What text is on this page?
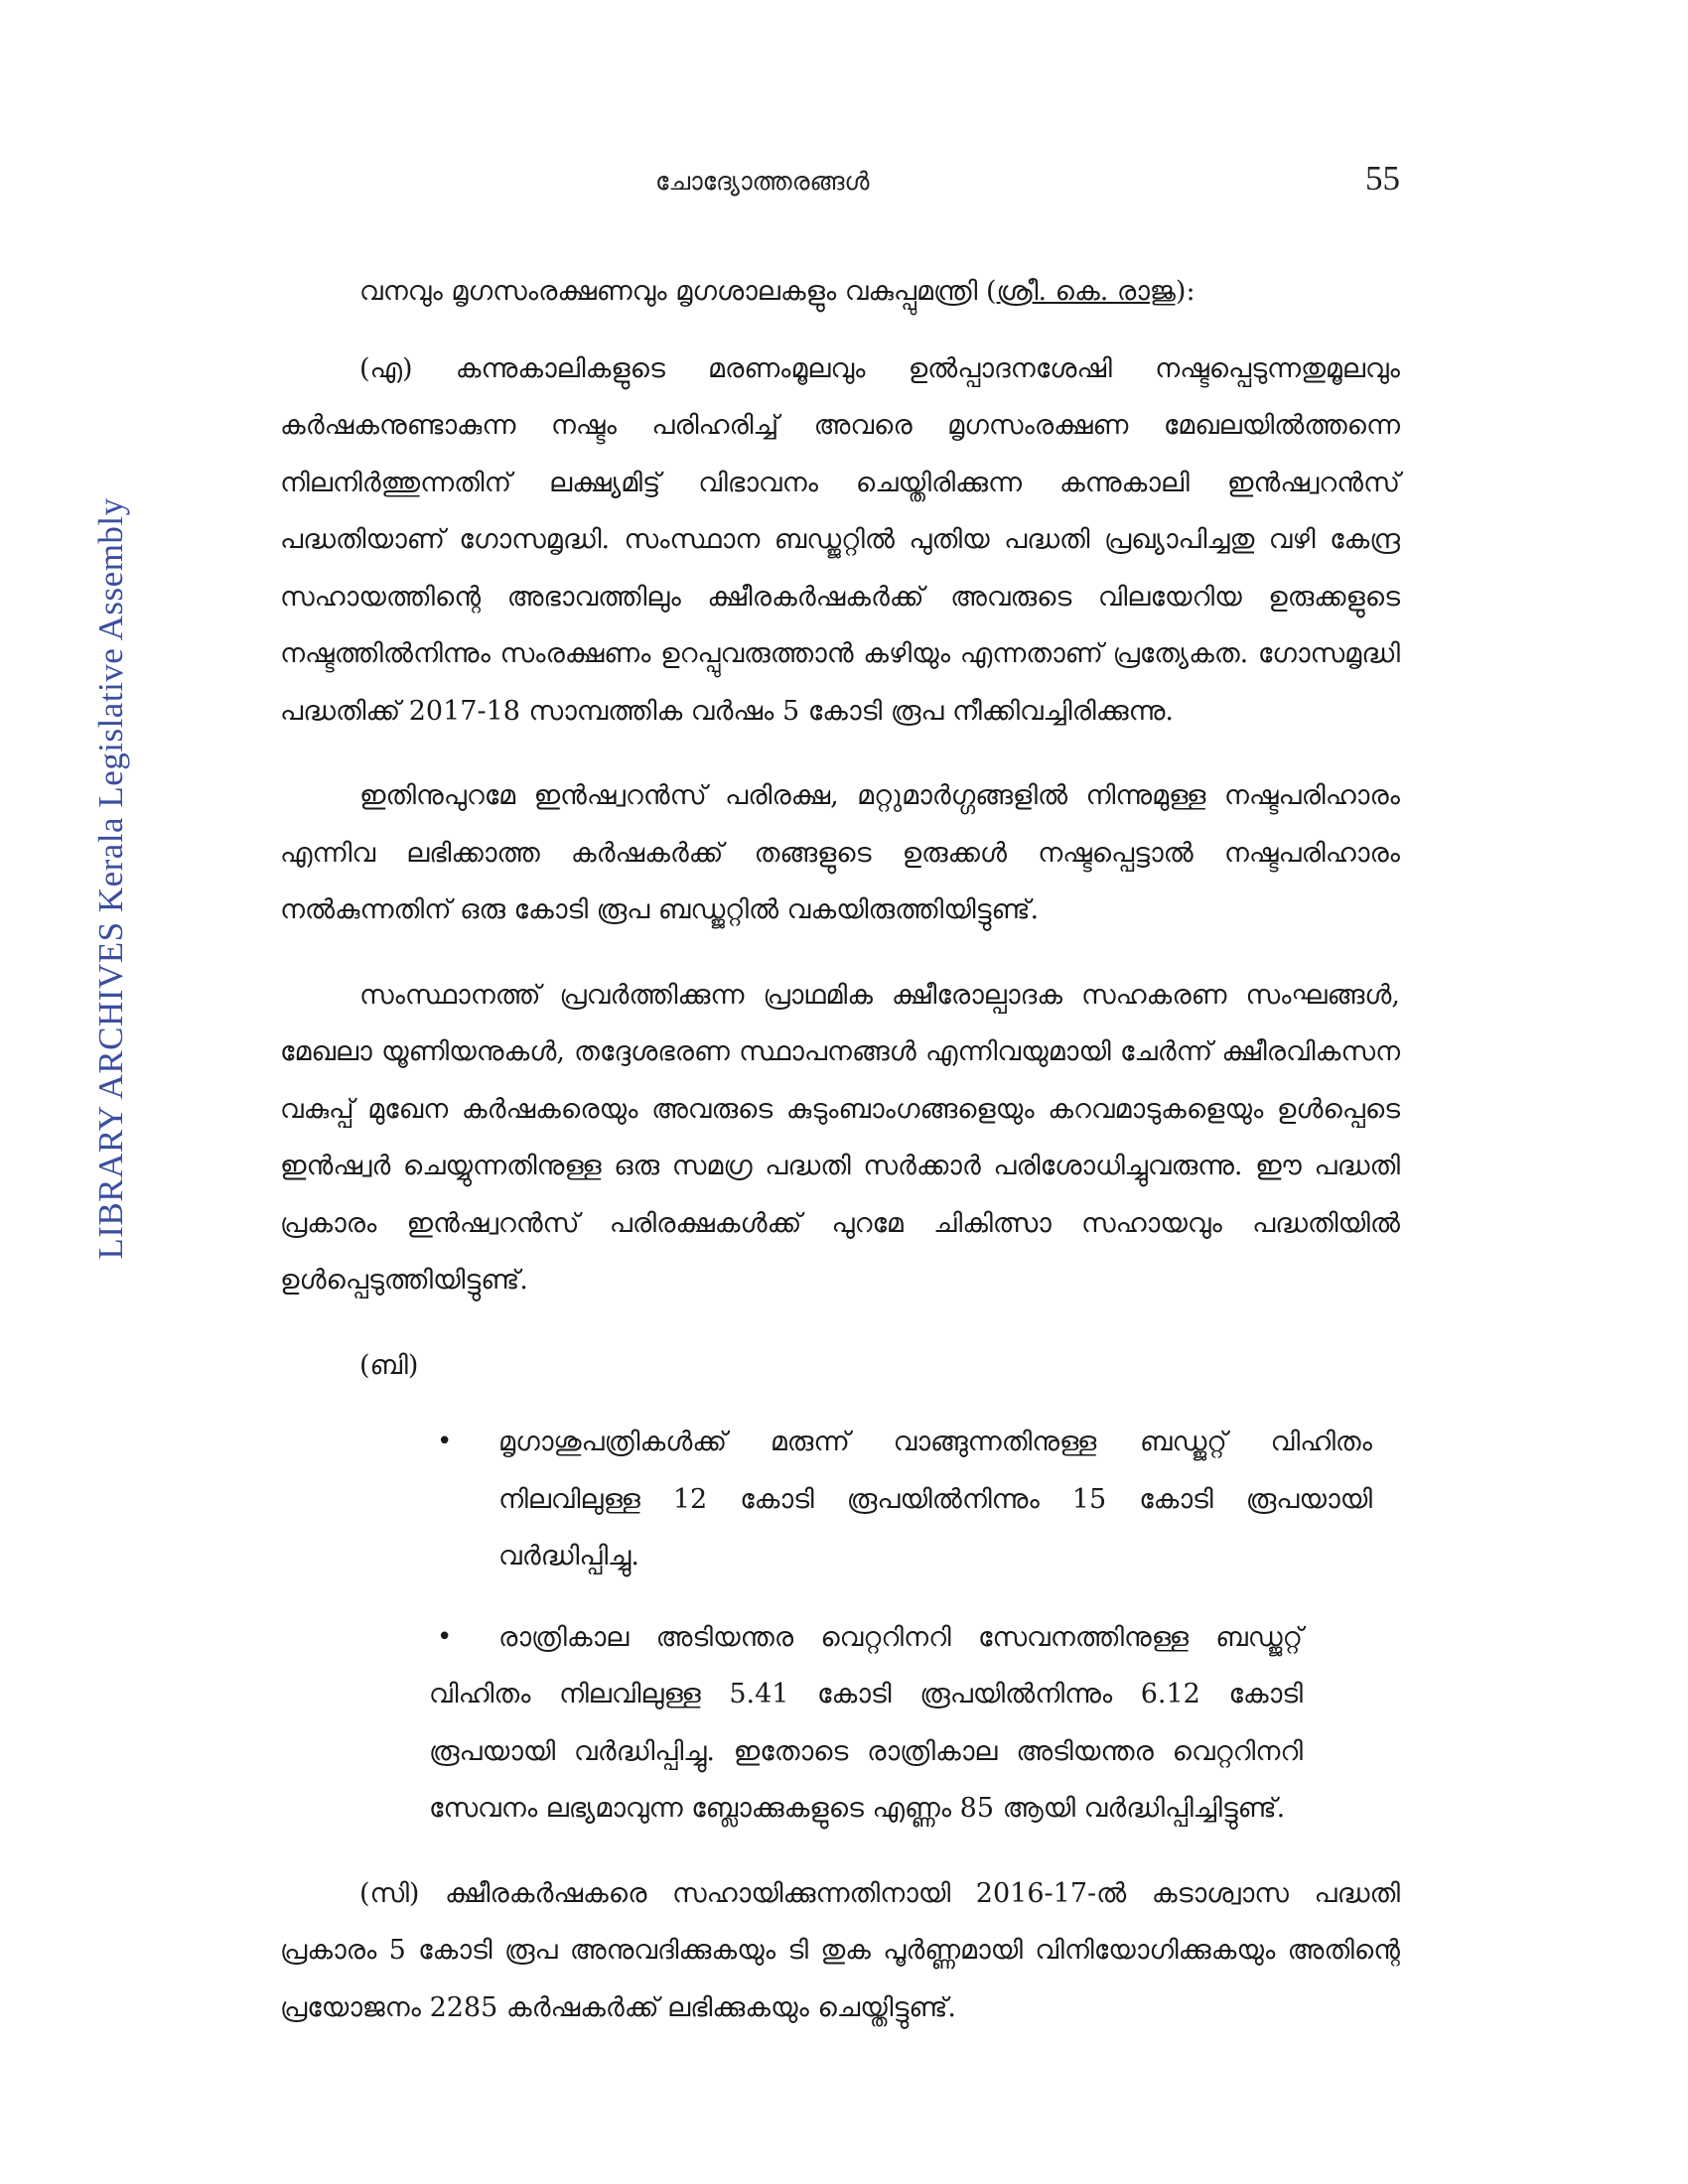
LIBRARY ARCHIVES Kerala Legislative Assembly
ചോദ്യോത്തരങ്ങൾ	55

വനവും മൃഗസംരക്ഷണവും മൃഗശാലകളും വകുപ്പുമന്ത്രി (ശ്രീ. കെ. രാജു):

(എ) കന്നുകാലികളുടെ മരണംമൂലവും ഉൽപ്പാദനശേഷി നഷ്ടപ്പെടുന്നതുമൂലവും കർഷകനുണ്ടാകുന്ന നഷ്ടം പരിഹരിച്ച് അവരെ മൃഗസംരക്ഷണ മേഖലയിൽത്തന്നെ നിലനിർത്തുന്നതിന് ലക്ഷ്യമിട്ട് വിഭാവനം ചെയ്തിരിക്കുന്ന കന്നുകാലി ഇൻഷ്വറൻസ് പദ്ധതിയാണ് ഗോസമൃദ്ധി. സംസ്ഥാന ബഡ്ജറ്റിൽ പുതിയ പദ്ധതി പ്രഖ്യാപിച്ചതു വഴി കേന്ദ്ര സഹായത്തിന്റെ അഭാവത്തിലും ക്ഷീരകർഷകർക്ക് അവരുടെ വിലയേറിയ ഉരുക്കളുടെ നഷ്ടത്തിൽനിന്നും സംരക്ഷണം ഉറപ്പുവരുത്താൻ കഴിയും എന്നതാണ് പ്രത്യേകത. ഗോസമൃദ്ധി പദ്ധതിക്ക് 2017-18 സാമ്പത്തിക വർഷം 5 കോടി രൂപ നീക്കിവച്ചിരിക്കുന്നു.

ഇതിനുപുറമേ ഇൻഷ്വറൻസ് പരിരക്ഷ, മറ്റുമാർഗ്ഗങ്ങളിൽ നിന്നുമുള്ള നഷ്ടപരിഹാരം എന്നിവ ലഭിക്കാത്ത കർഷകർക്ക് തങ്ങളുടെ ഉരുക്കൾ നഷ്ടപ്പെട്ടാൽ നഷ്ടപരിഹാരം നൽകുന്നതിന് ഒരു കോടി രൂപ ബഡ്ജറ്റിൽ വകയിരുത്തിയിട്ടുണ്ട്.

സംസ്ഥാനത്ത് പ്രവർത്തിക്കുന്ന പ്രാഥമിക ക്ഷീരോല്പാദക സഹകരണ സംഘങ്ങൾ, മേഖലാ യൂണിയനുകൾ, തദ്ദേശഭരണ സ്ഥാപനങ്ങൾ എന്നിവയുമായി ചേർന്ന് ക്ഷീരവികസന വകുപ്പ് മുഖേന കർഷകരെയും അവരുടെ കുടുംബാംഗങ്ങളെയും കറവമാടുകളെയും ഉൾപ്പെടെ ഇൻഷ്വർ ചെയ്യുന്നതിനുള്ള ഒരു സമഗ്ര പദ്ധതി സർക്കാർ പരിശോധിച്ചുവരുന്നു. ഈ പദ്ധതി പ്രകാരം ഇൻഷ്വറൻസ് പരിരക്ഷകൾക്ക് പുറമേ ചികിത്സാ സഹായവും പദ്ധതിയിൽ ഉൾപ്പെടുത്തിയിട്ടുണ്ട്.

(ബി)

• മൃഗാശുപത്രികൾക്ക് മരുന്ന് വാങ്ങുന്നതിനുള്ള ബഡ്ജറ്റ് വിഹിതം നിലവിലുള്ള 12 കോടി രൂപയിൽനിന്നും 15 കോടി രൂപയായി വർദ്ധിപ്പിച്ചു.
• രാത്രികാല അടിയന്തര വെറ്ററിനറി സേവനത്തിനുള്ള ബഡ്ജറ്റ് വിഹിതം നിലവിലുള്ള 5.41 കോടി രൂപയിൽനിന്നും 6.12 കോടി രൂപയായി വർദ്ധിപ്പിച്ചു. ഇതോടെ രാത്രികാല അടിയന്തര വെറ്ററിനറി സേവനം ലഭ്യമാവുന്ന ബ്ലോക്കുകളുടെ എണ്ണം 85 ആയി വർദ്ധിപ്പിച്ചിട്ടുണ്ട്.

(സി) ക്ഷീരകർഷകരെ സഹായിക്കുന്നതിനായി 2016-17-ൽ കടാശ്വാസ പദ്ധതി പ്രകാരം 5 കോടി രൂപ അനുവദിക്കുകയും ടി തുക പൂർണ്ണമായി വിനിയോഗിക്കുകയും അതിന്റെ പ്രയോജനം 2285 കർഷകർക്ക് ലഭിക്കുകയും ചെയ്തിട്ടുണ്ട്.
